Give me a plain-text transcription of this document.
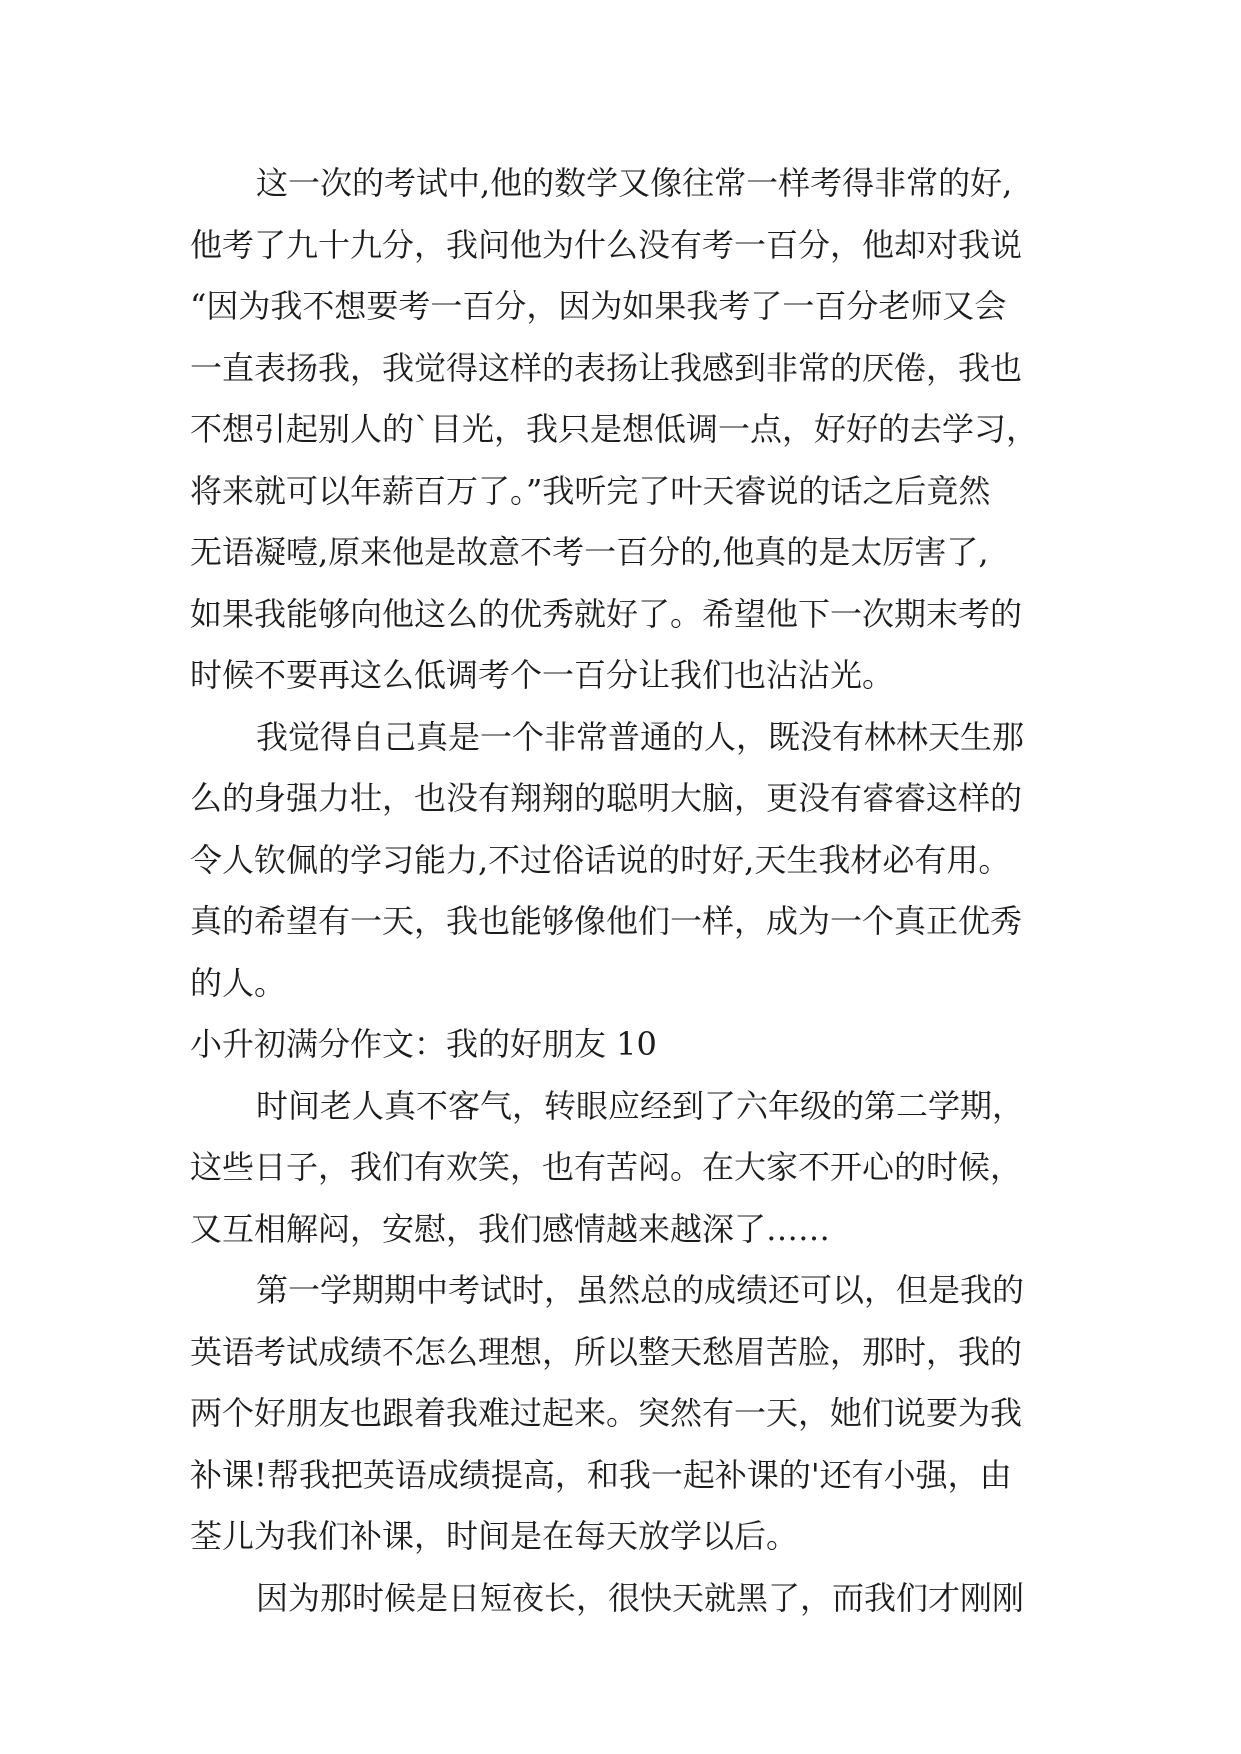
这一次的考试中,他的数学又像往常一样考得非常的好,
他考了九十九分，我问他为什么没有考一百分，他却对我说
“因为我不想要考一百分，因为如果我考了一百分老师又会
一直表扬我，我觉得这样的表扬让我感到非常的厌倦，我也
不想引起别人的`目光，我只是想低调一点，好好的去学习，
将来就可以年薪百万了。”我听完了叶天睿说的话之后竟然
无语凝噎,原来他是故意不考一百分的,他真的是太厉害了,
如果我能够向他这么的优秀就好了。希望他下一次期末考的
时候不要再这么低调考个一百分让我们也沾沾光。
我觉得自己真是一个非常普通的人，既没有林林天生那
么的身强力壮，也没有翔翔的聪明大脑，更没有睿睿这样的
令人钦佩的学习能力,不过俗话说的时好,天生我材必有用。
真的希望有一天，我也能够像他们一样，成为一个真正优秀
的人。
小升初满分作文：我的好朋友 10
时间老人真不客气，转眼应经到了六年级的第二学期，
这些日子，我们有欢笑，也有苦闷。在大家不开心的时候，
又互相解闷，安慰，我们感情越来越深了……
第一学期期中考试时，虽然总的成绩还可以，但是我的
英语考试成绩不怎么理想，所以整天愁眉苦脸，那时，我的
两个好朋友也跟着我难过起来。突然有一天，她们说要为我
补课!帮我把英语成绩提高，和我一起补课的'还有小强，由
荃儿为我们补课，时间是在每天放学以后。
因为那时候是日短夜长，很快天就黑了，而我们才刚刚
